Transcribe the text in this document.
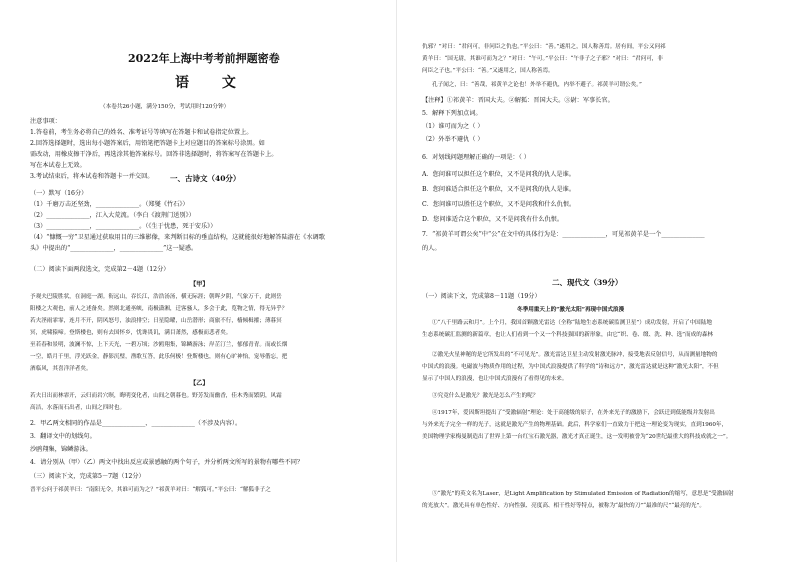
2022年上海中考考前押题密卷
语 文
（本卷共26小题，满分150分，考试用时120分钟）
注意事项：
1.答卷前，考生务必将自己的姓名、准考证号等填写在答题卡和试卷指定位置上。
2.回答选择题时，选出每小题答案后，用铅笔把答题卡上对应题目的答案标号涂黑。如
需改动，用橡皮擦干净后，再选涂其他答案标号。回答非选择题时，将答案写在答题卡上。
写在本试卷上无效。
3.考试结束后，将本试卷和答题卡一并交回。 一、古诗文（40分）
（一）默写（16分）
（1）千磨万击还坚劲，______________。（郑燮《竹石》）
（2）______________，江入大荒流。（李白《渡荆门送别》）
（3）______________，______________。（《生于忧患，死于安乐》）
（4）“慷慨一穷”卫星通过获取用目的三维影像，来判断目标的垂直结构，这就能很好地解答陆游在《水调歌
头》中提出的“______________，______________”这一疑惑。
（二）阅读下面两段选文，完成第2－4题（12分）
【甲】
予观夫巴陵胜状，在洞庭一湖。衔远山，吞长江，浩浩汤汤，横无际涯；朝晖夕阴，气象万千，此则岳
阳楼之大观也，前人之述备矣。然则北通巫峡，南极潇湘，迁客骚人，多会于此，览物之情，得无异乎？
若夫淫雨霏霏，连月不开，阴风怒号，浊浪排空；日星隐曜，山岳潜形；商旅不行，樯倾楫摧；薄暮冥
冥，虎啸猿啼。登斯楼也，则有去国怀乡，忧谗畏讥，满目萧然，感极而悲者矣。
至若春和景明，波澜不惊，上下天光，一碧万顷；沙鸥翔集，锦鳞游泳；岸芷汀兰，郁郁青青。而或长烟
一空，皓月千里，浮光跃金，静影沉璧，渔歌互答，此乐何极！登斯楼也，则有心旷神怡，宠辱偕忘，把
酒临风，其喜洋洋者矣。
【乙】
若夫日出而林霏开，云归而岩穴暝，晦明变化者，山间之朝暮也。野芳发而幽香，佳木秀而繁阴，风霜
高洁，水落而石出者，山间之四时也。
2．甲乙两文相同的作品是______________、______________（不涉及内容）。
3．翻译文中的划线句。
沙鸥翔集，锦鳞游泳。
4．请分别从（甲）（乙）两文中找出反应或景感触的两个句子，并分析两文所写的景物有哪些不同？
（三）阅读下文，完成第5－7题（12分）
晋平公问于祁黄羊曰：“南阳无令，其谁可而为之？”祁黄羊对曰：“解狐可。”平公曰：“解狐非子之
仇邪？”对曰：“君问可，非问臣之仇也。”平公曰：“善。”遂用之，国人称善焉。居有间，平公又问祁
黄羊曰：“国无尉，其谁可而为之？”对曰：“午可。”平公曰：“午非子之子邪？”对曰：“君问可，非
问臣之子也。”平公曰：“善。”又遂用之，国人称善焉。
孔子闻之，曰：“善哉，祁黄羊之论也！外举不避仇，内举不避子。祁黄羊可谓公矣。”
【注释】①祁黄羊：晋国大夫。②解狐：晋国大夫。③尉：军事长官。
5．解释下列加点词。
（1）谁可而为之（ ）
（2）外举不避仇（ ）
6．对划线问题理解正确的一项是：（ ）
A．您问谁可以担任这个职位，又不是问我的仇人是谁。
B．您问谁适合担任这个职位，又不是问我的仇人是谁。
C．您问谁可以胜任这个职位，又不是问我和什么仇恨。
D．您问谁适合这个职位，又不是问我有什么仇恨。
7．“祁黄羊可谓公矣”中“公”在文中的具体行为是：______________，可见祁黄羊是一个______________
的人。
二、现代文（39分）
（一）阅读下文，完成第8－11题（19分）
冬季用重天上的“激光太阳”再现中国式浪漫
①“八千里路云和月”。上个月，我国首颗激光雷达（全称“陆地生态系统碳监测卫星”）成功发射，开启了中国陆地
生态系统碳汇监测的新篇章，也让人们看到一个又一个科技强国的新形象，由它“织、卷、缀、洗、种、选”而成的森林
②激光火星神秘的是它所发出的“不可见光”。激光雷达卫星主动发射激光脉冲，接受地表反射信号，从而测量地物的
中国式的浪漫。电磁波与物质作用的过程，为中国式浪漫提供了科学的“诗和远方”，激光雷达就是这种“激光太阳”，不但
显示了中国人的浪漫，也让中国式浪漫有了看得见的未来。
③究竟什么是激光？激光是怎么产生的呢？
④1917年，爱因斯坦提出了“受激辐射”理论：处于高能级的原子，在外来光子的激励下，会跃迁到低能级并发射出
与外来光子完全一样的光子，这就是激光产生的物理基础。此后，科学家们一直致力于把这一理论变为现实，直到1960年，
美国物理学家梅曼制造出了世界上第一台红宝石激光器，激光才真正诞生，这一发明被誉为“20世纪最重大的科技成就之一”。
⑤“激光”的英文名为Laser，是Light Amplification by Stimulated Emission of Radiation的缩写，意思是“受激辐射
的光放大”。激光具有单色性好、方向性强、亮度高、相干性好等特点，被称为“最快的刀”“最准的尺”“最亮的光”。
